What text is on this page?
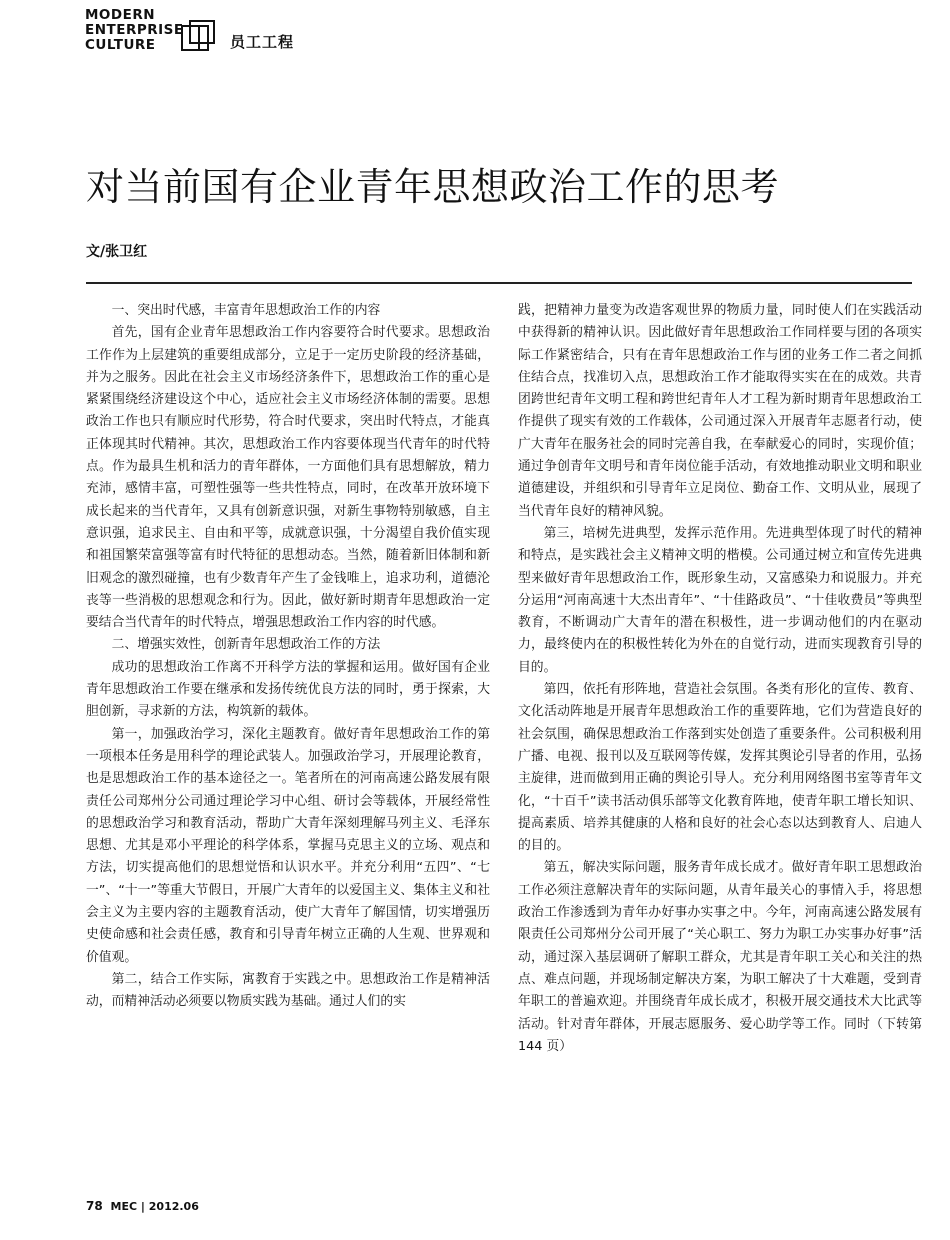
MODERN
ENTERPRISE
CULTURE	员工工程
对当前国有企业青年思想政治工作的思考
文/张卫红

一、突出时代感，丰富青年思想政治工作的内容

首先，国有企业青年思想政治工作内容要符合时代要求。思想政治工作作为上层建筑的重要组成部分，立足于一定历史阶段的经济基础，并为之服务。因此在社会主义市场经济条件下，思想政治工作的重心是紧紧围绕经济建设这个中心，适应社会主义市场经济体制的需要。思想政治工作也只有顺应时代形势，符合时代要求，突出时代特点，才能真正体现其时代精神。其次，思想政治工作内容要体现当代青年的时代特点。作为最具生机和活力的青年群体，一方面他们具有思想解放，精力充沛，感情丰富，可塑性强等一些共性特点，同时，在改革开放环境下成长起来的当代青年，又具有创新意识强，对新生事物特别敏感，自主意识强，追求民主、自由和平等，成就意识强，十分渴望自我价值实现和祖国繁荣富强等富有时代特征的思想动态。当然，随着新旧体制和新旧观念的激烈碰撞，也有少数青年产生了金钱唯上，追求功利，道德沦丧等一些消极的思想观念和行为。因此，做好新时期青年思想政治一定要结合当代青年的时代特点，增强思想政治工作内容的时代感。

二、增强实效性，创新青年思想政治工作的方法

成功的思想政治工作离不开科学方法的掌握和运用。做好国有企业青年思想政治工作要在继承和发扬传统优良方法的同时，勇于探索，大胆创新，寻求新的方法，构筑新的载体。

第一，加强政治学习，深化主题教育。做好青年思想政治工作的第一项根本任务是用科学的理论武装人。加强政治学习，开展理论教育，也是思想政治工作的基本途径之一。笔者所在的河南高速公路发展有限责任公司郑州分公司通过理论学习中心组、研讨会等载体，开展经常性的思想政治学习和教育活动，帮助广大青年深刻理解马列主义、毛泽东思想、尤其是邓小平理论的科学体系，掌握马克思主义的立场、观点和方法，切实提高他们的思想觉悟和认识水平。并充分利用“五四”、“七一”、“十一”等重大节假日，开展广大青年的以爱国主义、集体主义和社会主义为主要内容的主题教育活动，使广大青年了解国情，切实增强历史使命感和社会责任感，教育和引导青年树立正确的人生观、世界观和价值观。

第二，结合工作实际，寓教育于实践之中。思想政治工作是精神活动，而精神活动必须要以物质实践为基础。通过人们的实

践，把精神力量变为改造客观世界的物质力量，同时使人们在实践活动中获得新的精神认识。因此做好青年思想政治工作同样要与团的各项实际工作紧密结合，只有在青年思想政治工作与团的业务工作二者之间抓住结合点，找准切入点，思想政治工作才能取得实实在在的成效。共青团跨世纪青年文明工程和跨世纪青年人才工程为新时期青年思想政治工作提供了现实有效的工作载体，公司通过深入开展青年志愿者行动，使广大青年在服务社会的同时完善自我，在奉献爱心的同时，实现价值；通过争创青年文明号和青年岗位能手活动，有效地推动职业文明和职业道德建设，并组织和引导青年立足岗位、勤奋工作、文明从业，展现了当代青年良好的精神风貌。

第三，培树先进典型，发挥示范作用。先进典型体现了时代的精神和特点，是实践社会主义精神文明的楷模。公司通过树立和宣传先进典型来做好青年思想政治工作，既形象生动，又富感染力和说服力。并充分运用“河南高速十大杰出青年”、“十佳路政员”、“十佳收费员”等典型教育，不断调动广大青年的潜在积极性，进一步调动他们的内在驱动力，最终使内在的积极性转化为外在的自觉行动，进而实现教育引导的目的。

第四，依托有形阵地，营造社会氛围。各类有形化的宣传、教育、文化活动阵地是开展青年思想政治工作的重要阵地，它们为营造良好的社会氛围，确保思想政治工作落到实处创造了重要条件。公司积极利用广播、电视、报刊以及互联网等传媒，发挥其舆论引导者的作用，弘扬主旋律，进而做到用正确的舆论引导人。充分利用网络图书室等青年文化，“十百千”读书活动俱乐部等文化教育阵地，使青年职工增长知识、提高素质、培养其健康的人格和良好的社会心态以达到教育人、启迪人的目的。

第五，解决实际问题，服务青年成长成才。做好青年职工思想政治工作必须注意解决青年的实际问题，从青年最关心的事情入手，将思想政治工作渗透到为青年办好事办实事之中。今年，河南高速公路发展有限责任公司郑州分公司开展了“关心职工、努力为职工办实事办好事”活动，通过深入基层调研了解职工群众，尤其是青年职工关心和关注的热点、难点问题，并现场制定解决方案，为职工解决了十大难题，受到青年职工的普遍欢迎。并围绕青年成长成才，积极开展交通技术大比武等活动。针对青年群体，开展志愿服务、爱心助学等工作。同时（下转第 144 页）

78 MEC | 2012.06
